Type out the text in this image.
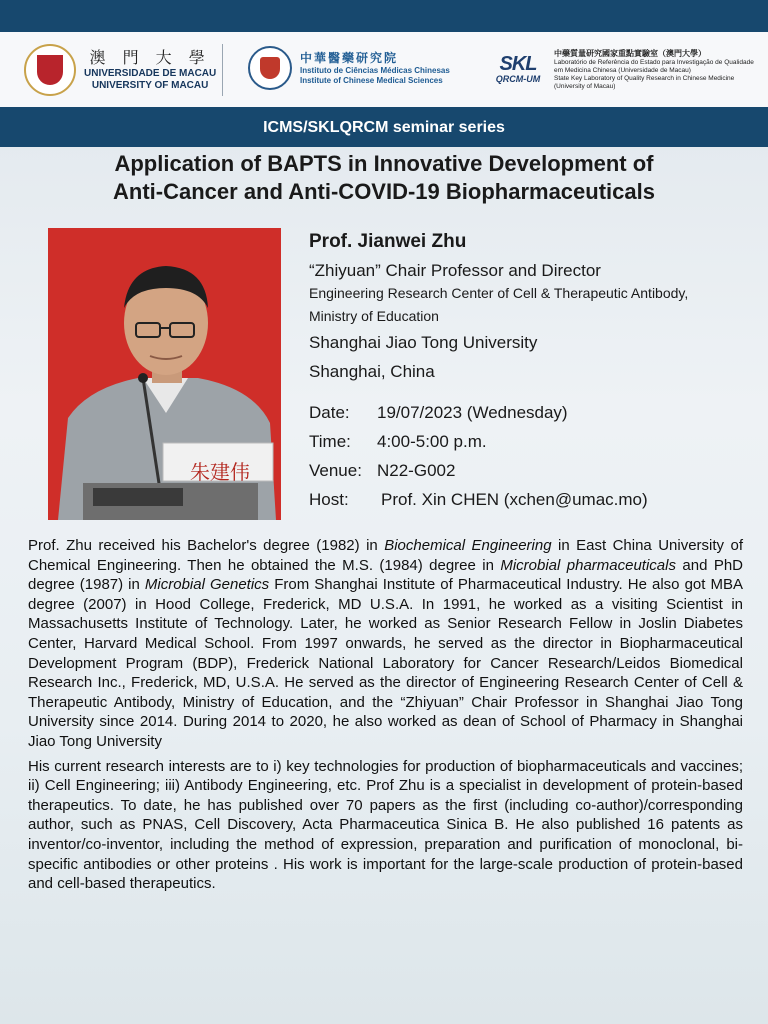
澳 門 大 學
UNIVERSIDADE DE MACAU
UNIVERSITY OF MACAU
中華醫藥研究院
Instituto de Ciências Médicas Chinesas
Institute of Chinese Medical Sciences
SKL
QRCM-UM
中藥質量研究國家重點實驗室（澳門大學）
Laboratório de Referência do Estado para Investigação de Qualidade em Medicina Chinesa (Universidade de Macau)
State Key Laboratory of Quality Research in Chinese Medicine (University of Macau)
ICMS/SKLQRCM seminar series
Application of BAPTS in Innovative Development of
Anti-Cancer and Anti-COVID-19 Biopharmaceuticals
朱建伟
Prof. Jianwei Zhu
“Zhiyuan” Chair Professor and Director
Engineering Research Center of Cell & Therapeutic Antibody,
Ministry of Education
Shanghai Jiao Tong University
Shanghai, China
Date:	19/07/2023 (Wednesday)
Time:	4:00-5:00 p.m.
Venue: N22-G002
Host:	Prof. Xin CHEN (xchen@umac.mo)

Prof. Zhu received his Bachelor's degree (1982) in Biochemical Engineering in East China University of Chemical Engineering. Then he obtained the M.S. (1984) degree in Microbial pharmaceuticals and PhD degree (1987) in Microbial Genetics From Shanghai Institute of Pharmaceutical Industry. He also got MBA degree (2007) in Hood College, Frederick, MD U.S.A. In 1991, he worked as a visiting Scientist in Massachusetts Institute of Technology. Later, he worked as Senior Research Fellow in Joslin Diabetes Center, Harvard Medical School. From 1997 onwards, he served as the director in Biopharmaceutical Development Program (BDP), Frederick National Laboratory for Cancer Research/Leidos Biomedical Research Inc., Frederick, MD, U.S.A. He served as the director of Engineering Research Center of Cell & Therapeutic Antibody, Ministry of Education, and the “Zhiyuan” Chair Professor in Shanghai Jiao Tong University since 2014. During 2014 to 2020, he also worked as dean of School of Pharmacy in Shanghai Jiao Tong University

His current research interests are to i) key technologies for production of biopharmaceuticals and vaccines; ii) Cell Engineering; iii) Antibody Engineering, etc. Prof Zhu is a specialist in development of protein-based therapeutics. To date, he has published over 70 papers as the first (including co-author)/corresponding author, such as PNAS, Cell Discovery, Acta Pharmaceutica Sinica B. He also published 16 patents as inventor/co-inventor, including the method of expression, preparation and purification of monoclonal, bi-specific antibodies or other proteins . His work is important for the large-scale production of protein-based and cell-based therapeutics.
